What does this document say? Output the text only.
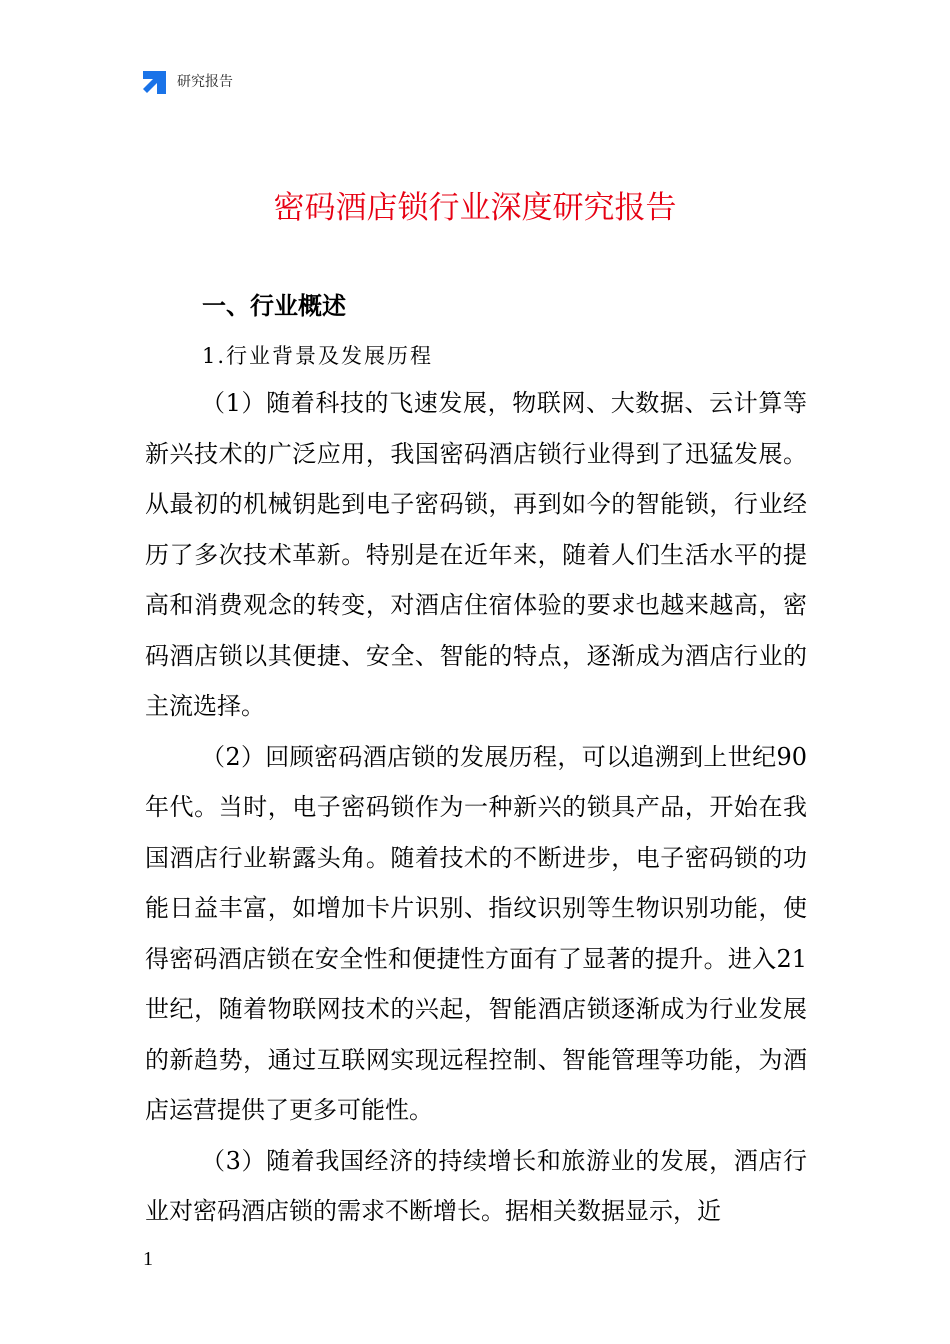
研究报告
密码酒店锁行业深度研究报告
一、行业概述
1.行业背景及发展历程

（1）随着科技的飞速发展，物联网、大数据、云计算等新兴技术的广泛应用，我国密码酒店锁行业得到了迅猛发展。从最初的机械钥匙到电子密码锁，再到如今的智能锁，行业经历了多次技术革新。特别是在近年来，随着人们生活水平的提高和消费观念的转变，对酒店住宿体验的要求也越来越高，密码酒店锁以其便捷、安全、智能的特点，逐渐成为酒店行业的主流选择。

（2）回顾密码酒店锁的发展历程，可以追溯到上世纪90年代。当时，电子密码锁作为一种新兴的锁具产品，开始在我国酒店行业崭露头角。随着技术的不断进步，电子密码锁的功能日益丰富，如增加卡片识别、指纹识别等生物识别功能，使得密码酒店锁在安全性和便捷性方面有了显著的提升。进入21世纪，随着物联网技术的兴起，智能酒店锁逐渐成为行业发展的新趋势，通过互联网实现远程控制、智能管理等功能，为酒店运营提供了更多可能性。

（3）随着我国经济的持续增长和旅游业的发展，酒店行业对密码酒店锁的需求不断增长。据相关数据显示，近

1
